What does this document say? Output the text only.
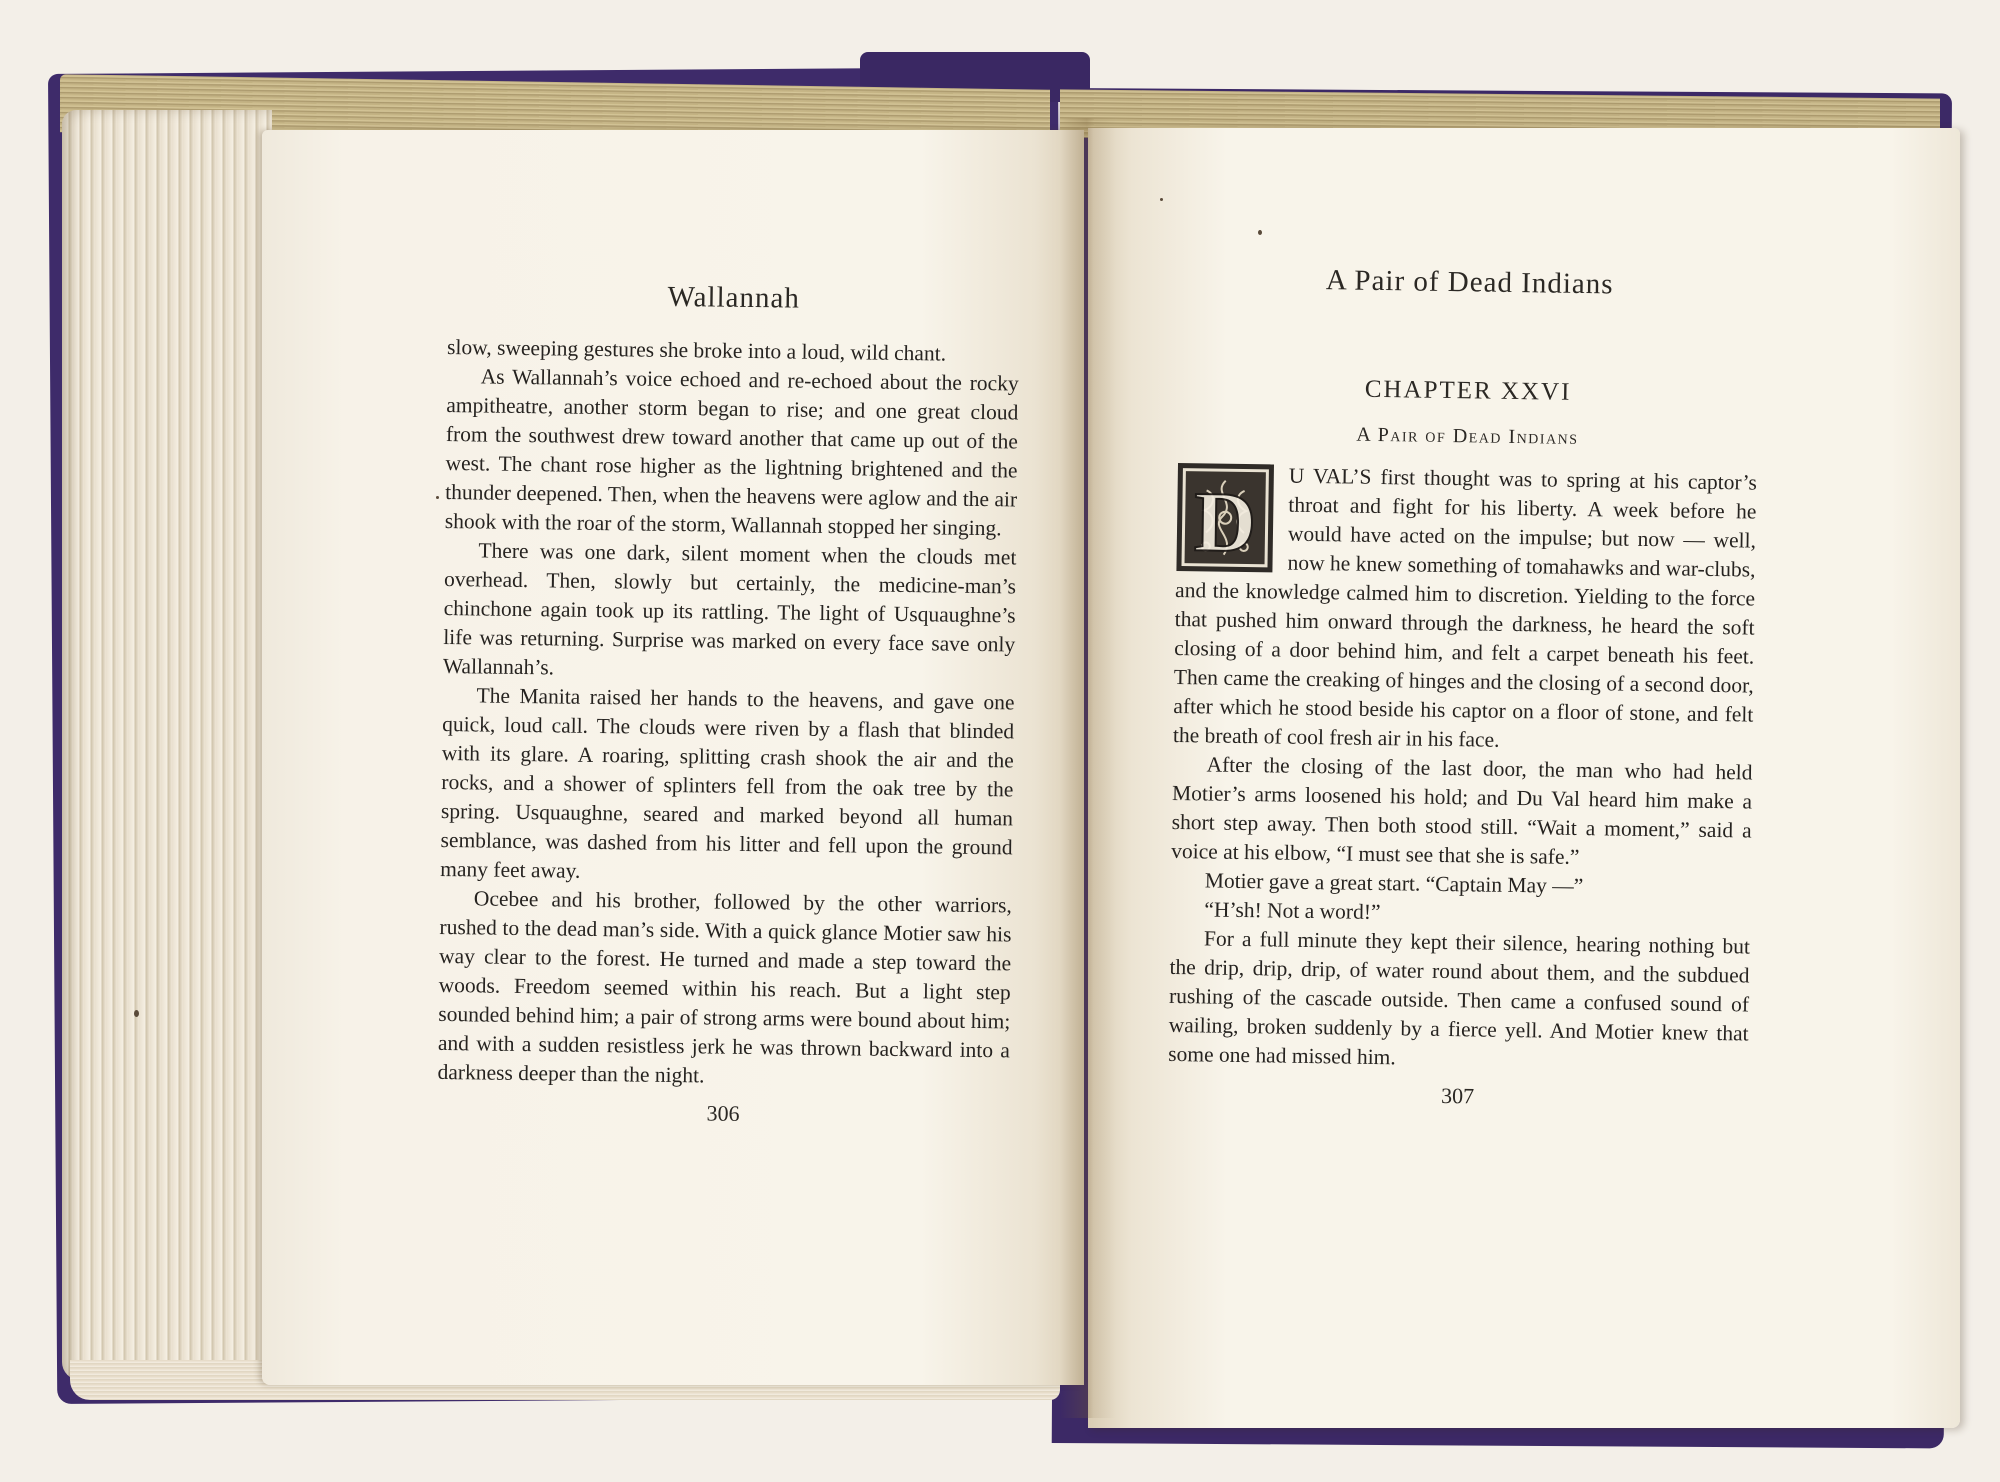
Wallannah

slow, sweeping gestures she broke into a loud, wild chant.

As Wallannah’s voice echoed and re-echoed about the rocky ampitheatre, another storm began to rise; and one great cloud from the southwest drew toward another that came up out of the west. The chant rose higher as the lightning brightened and the thunder deepened. Then, when the heavens were aglow and the air shook with the roar of the storm, Wallannah stopped her singing.

There was one dark, silent moment when the clouds met overhead. Then, slowly but certainly, the medicine-man’s chinchone again took up its rattling. The light of Usquaughne’s life was returning. Surprise was marked on every face save only Wallannah’s.

The Manita raised her hands to the heavens, and gave one quick, loud call. The clouds were riven by a flash that blinded with its glare. A roaring, splitting crash shook the air and the rocks, and a shower of splinters fell from the oak tree by the spring. Usquaughne, seared and marked beyond all human semblance, was dashed from his litter and fell upon the ground many feet away.

Ocebee and his brother, followed by the other warriors, rushed to the dead man’s side. With a quick glance Motier saw his way clear to the forest. He turned and made a step toward the woods. Freedom seemed within his reach. But a light step sounded behind him; a pair of strong arms were bound about him; and with a sudden resistless jerk he was thrown backward into a darkness deeper than the night.

306
A Pair of Dead Indians
CHAPTER XXVI
A Pair of Dead Indians
D	U VAL’S first thought was to spring at his captor’s throat and fight for his liberty. A week before he would have acted on the impulse; but now — well, now he knew something of tomahawks and war-clubs, and the knowledge calmed him to discretion. Yielding to the force that pushed him onward through the darkness, he heard the soft closing of a door behind him, and felt a carpet beneath his feet. Then came the creaking of hinges and the closing of a second door, after which he stood beside his captor on a floor of stone, and felt the breath of cool fresh air in his face.

After the closing of the last door, the man who had held Motier’s arms loosened his hold; and Du Val heard him make a short step away. Then both stood still. “Wait a moment,” said a voice at his elbow, “I must see that she is safe.”

Motier gave a great start. “Captain May —”

“H’sh! Not a word!”

For a full minute they kept their silence, hearing nothing but the drip, drip, drip, of water round about them, and the subdued rushing of the cascade outside. Then came a confused sound of wailing, broken suddenly by a fierce yell. And Motier knew that some one had missed him.

307
